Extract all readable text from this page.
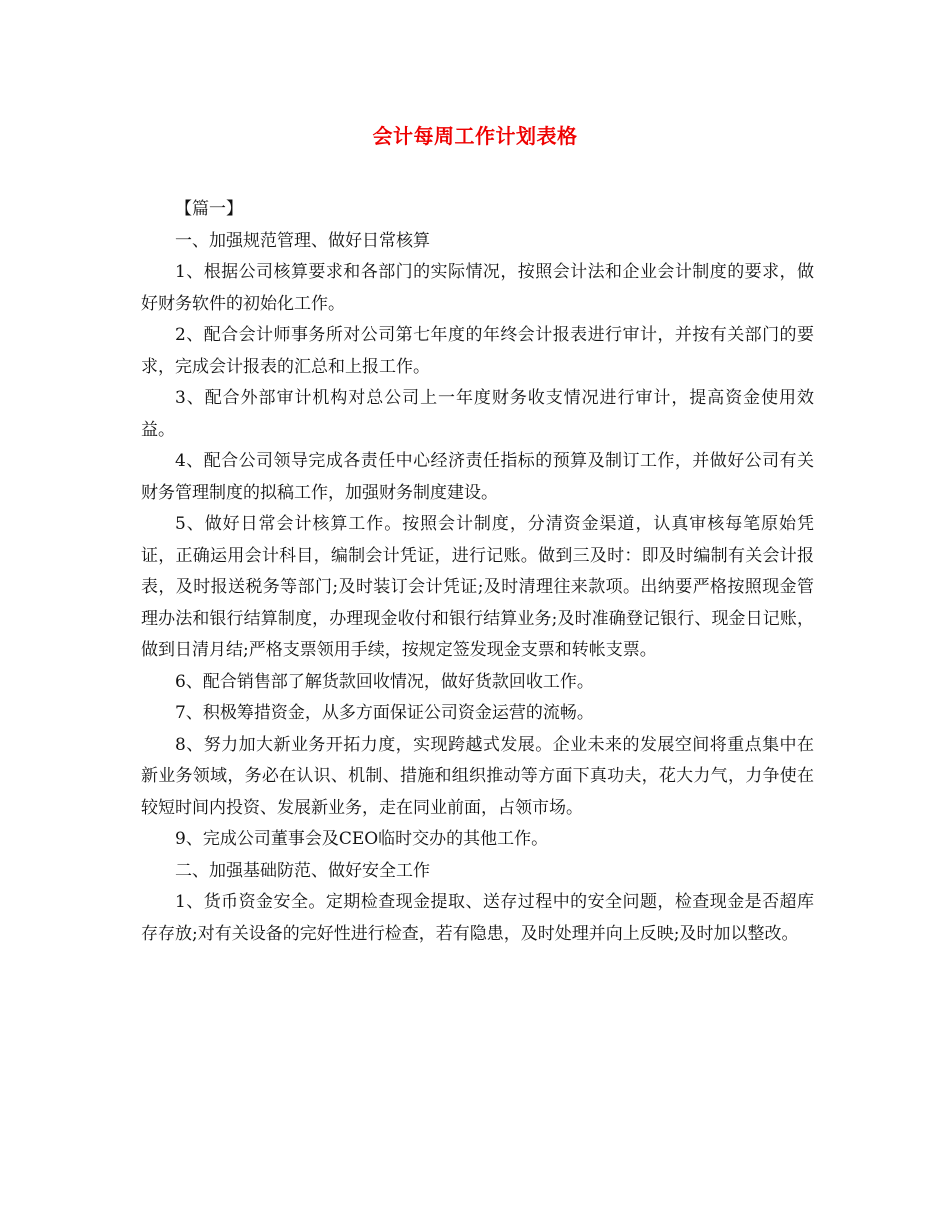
会计每周工作计划表格

【篇一】

一、加强规范管理、做好日常核算

1、根据公司核算要求和各部门的实际情况，按照会计法和企业会计制度的要求，做好财务软件的初始化工作。

2、配合会计师事务所对公司第七年度的年终会计报表进行审计，并按有关部门的要求，完成会计报表的汇总和上报工作。

3、配合外部审计机构对总公司上一年度财务收支情况进行审计，提高资金使用效益。

4、配合公司领导完成各责任中心经济责任指标的预算及制订工作，并做好公司有关财务管理制度的拟稿工作，加强财务制度建设。

5、做好日常会计核算工作。按照会计制度，分清资金渠道，认真审核每笔原始凭证，正确运用会计科目，编制会计凭证，进行记账。做到三及时：即及时编制有关会计报表，及时报送税务等部门;及时装订会计凭证;及时清理往来款项。出纳要严格按照现金管理办法和银行结算制度，办理现金收付和银行结算业务;及时准确登记银行、现金日记账，做到日清月结;严格支票领用手续，按规定签发现金支票和转帐支票。

6、配合销售部了解货款回收情况，做好货款回收工作。

7、积极筹措资金，从多方面保证公司资金运营的流畅。

8、努力加大新业务开拓力度，实现跨越式发展。企业未来的发展空间将重点集中在新业务领域，务必在认识、机制、措施和组织推动等方面下真功夫，花大力气，力争使在较短时间内投资、发展新业务，走在同业前面，占领市场。

9、完成公司董事会及CEO临时交办的其他工作。

二、加强基础防范、做好安全工作

1、货币资金安全。定期检查现金提取、送存过程中的安全问题，检查现金是否超库存存放;对有关设备的完好性进行检查，若有隐患，及时处理并向上反映;及时加以整改。
